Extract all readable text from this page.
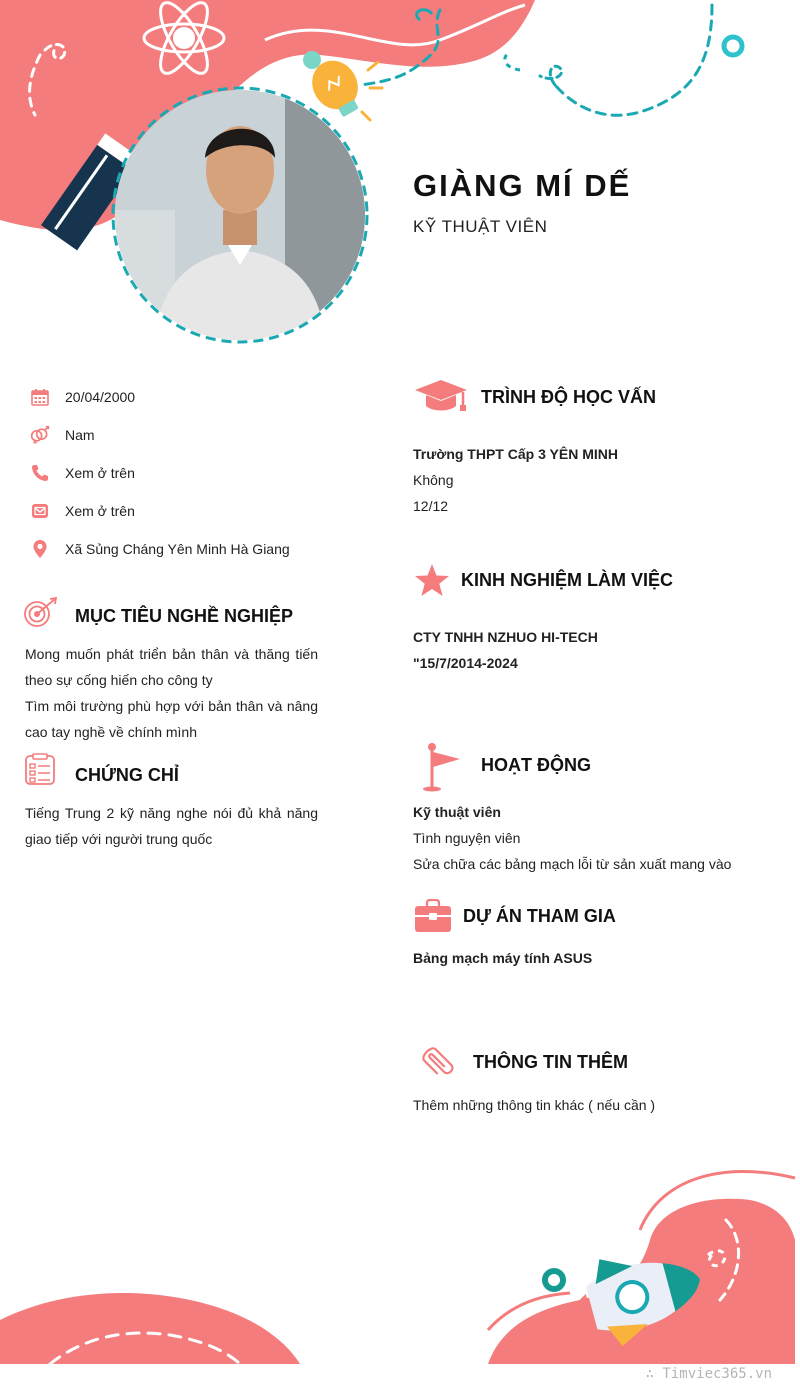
GIÀNG MÍ DẾ
KỸ THUẬT VIÊN
20/04/2000
Nam
Xem ở trên
Xem ở trên
Xã Sủng Cháng Yên Minh Hà Giang
MỤC TIÊU NGHỀ NGHIỆP
Mong muốn phát triển bản thân và thăng tiến
theo sự cống hiến cho công ty
Tìm môi trường phù hợp với bản thân và nâng
cao tay nghề về chính mình
CHỨNG CHỈ
Tiếng Trung 2 kỹ năng nghe nói đủ khả năng
giao tiếp với người trung quốc
TRÌNH ĐỘ HỌC VẤN
Trường THPT Cấp 3 YÊN MINH
Không
12/12
KINH NGHIỆM LÀM VIỆC
CTY TNHH NZHUO HI-TECH
"15/7/2014-2024
HOẠT ĐỘNG
Kỹ thuật viên
Tình nguyện viên
Sửa chữa các bảng mạch lỗi từ sản xuất mang vào
DỰ ÁN THAM GIA
Bảng mạch máy tính ASUS
THÔNG TIN THÊM
Thêm những thông tin khác ( nếu cần )
∴ Timviec365.vn
